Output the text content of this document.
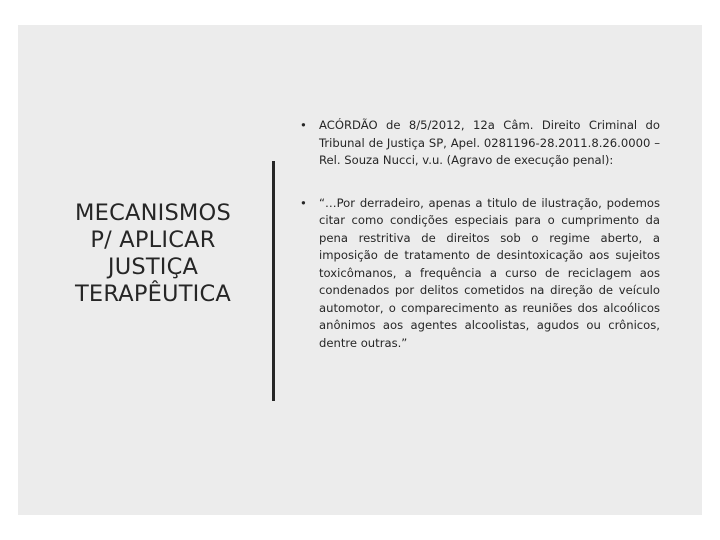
MECANISMOS
P/ APLICAR
JUSTIÇA
TERAPÊUTICA
• ACÓRDÃO de 8/5/2012, 12a Câm. Direito Criminal do Tribunal de Justiça SP, Apel. 0281196-28.2011.8.26.0000 – Rel. Souza Nucci, v.u. (Agravo de execução penal):
• “…Por derradeiro, apenas a titulo de ilustração, podemos citar como condições especiais para o cumprimento da pena restritiva de direitos sob o regime aberto, a imposição de tratamento de desintoxicação aos sujeitos toxicômanos, a frequência a curso de reciclagem aos condenados por delitos cometidos na direção de veículo automotor, o comparecimento as reuniões dos alcoólicos anônimos aos agentes alcoolistas, agudos ou crônicos, dentre outras.”
